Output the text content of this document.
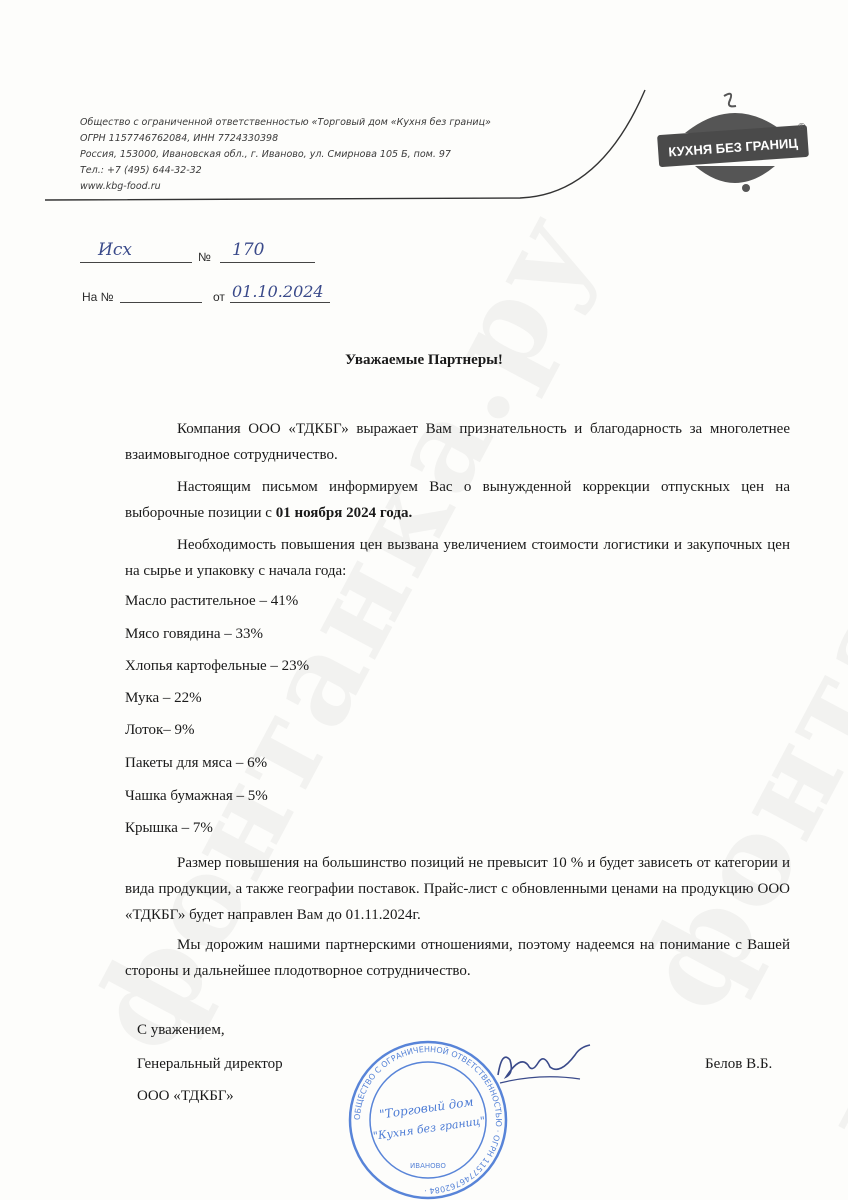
Общество с ограниченной ответственностью «Торговый дом «Кухня без границ»
ОГРН 1157746762084, ИНН 7724330398
Россия, 153000, Ивановская обл., г. Иваново, ул. Смирнова 105 Б, пом. 97
Тел.: +7 (495) 644-32-32
www.kbg-food.ru
КУХНЯ БЕЗ ГРАНИЦ
®
Исх	№ 170
На №	от 01.10.2024
Уважаемые Партнеры!
Компания ООО «ТДКБГ» выражает Вам признательность и благодарность за многолетнее взаимовыгодное сотрудничество.
Настоящим письмом информируем Вас о вынужденной коррекции отпускных цен на выборочные позиции с 01 ноября 2024 года.
Необходимость повышения цен вызвана увеличением стоимости логистики и закупочных цен на сырье и упаковку с начала года:
Масло растительное – 41%
Мясо говядина – 33%
Хлопья картофельные – 23%
Мука – 22%
Лоток– 9%
Пакеты для мяса – 6%
Чашка бумажная – 5%
Крышка – 7%
Размер повышения на большинство позиций не превысит 10 % и будет зависеть от категории и вида продукции, а также географии поставок. Прайс-лист с обновленными ценами на продукцию ООО «ТДКБГ» будет направлен Вам до 01.11.2024г.
Мы дорожим нашими партнерскими отношениями, поэтому надеемся на понимание с Вашей стороны и дальнейшее плодотворное сотрудничество.
С уважением,
Генеральный директор
ООО «ТДКБГ»
Белов В.Б.
ОБЩЕСТВО С ОГРАНИЧЕННОЙ ОТВЕТСТВЕННОСТЬЮ · ОГРН 1157746762084 ·
"Торговый дом
"Кухня без границ"
ИВАНОВО
